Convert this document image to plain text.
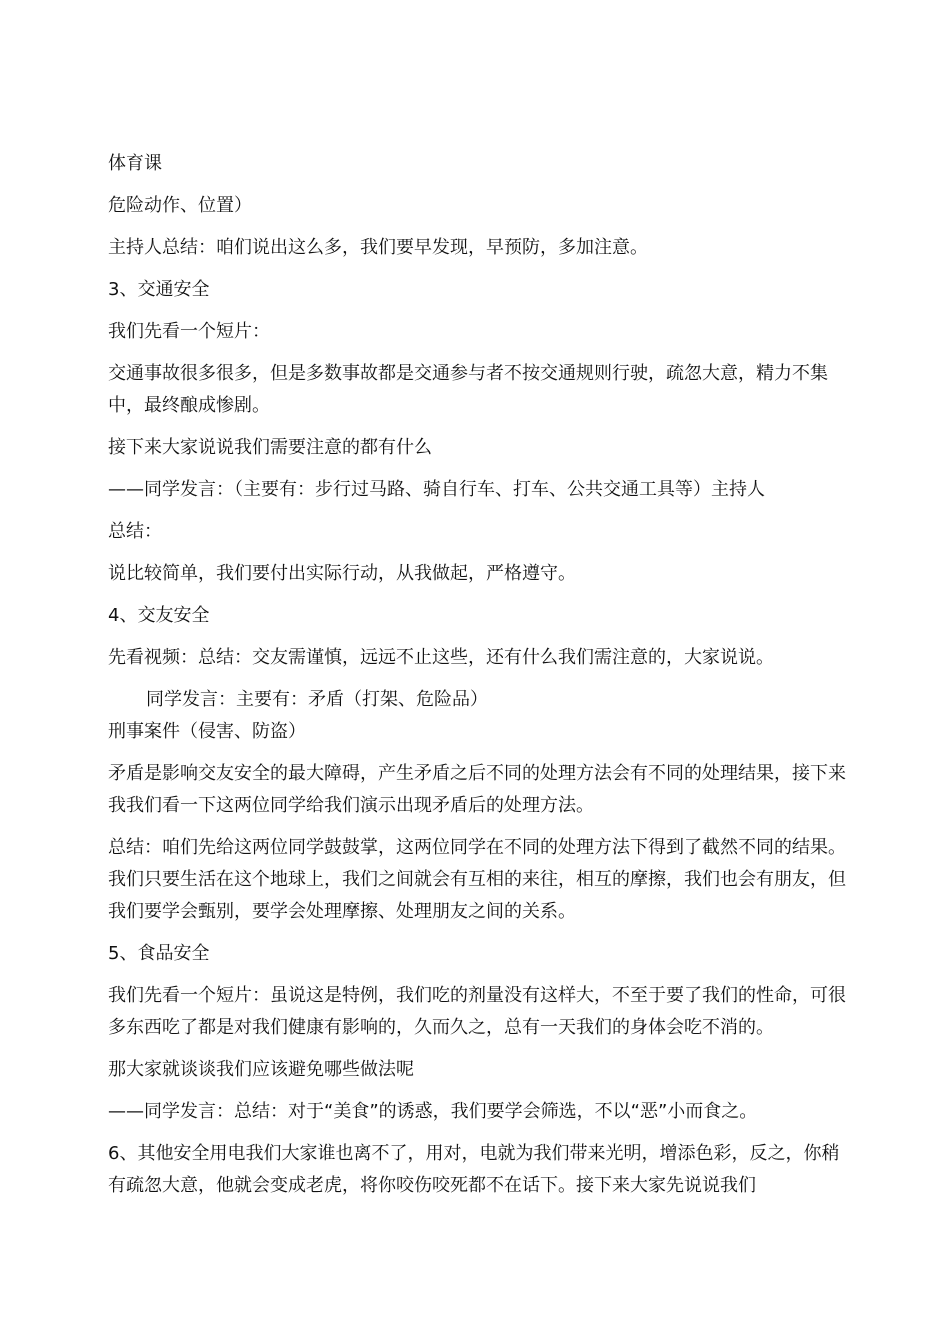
体育课

危险动作、位置）

主持人总结：咱们说出这么多，我们要早发现，早预防，多加注意。

3、交通安全

我们先看一个短片：

交通事故很多很多，但是多数事故都是交通参与者不按交通规则行驶，疏忽大意，精力不集中，最终酿成惨剧。

接下来大家说说我们需要注意的都有什么

——同学发言：（主要有：步行过马路、骑自行车、打车、公共交通工具等）主持人

总结：

说比较简单，我们要付出实际行动，从我做起，严格遵守。

4、交友安全

先看视频：总结：交友需谨慎，远远不止这些，还有什么我们需注意的，大家说说。

同学发言：主要有：矛盾（打架、危险品）

刑事案件（侵害、防盗）

矛盾是影响交友安全的最大障碍，产生矛盾之后不同的处理方法会有不同的处理结果，接下来我我们看一下这两位同学给我们演示出现矛盾后的处理方法。

总结：咱们先给这两位同学鼓鼓掌，这两位同学在不同的处理方法下得到了截然不同的结果。我们只要生活在这个地球上，我们之间就会有互相的来往，相互的摩擦，我们也会有朋友，但我们要学会甄别，要学会处理摩擦、处理朋友之间的关系。

5、食品安全

我们先看一个短片：虽说这是特例，我们吃的剂量没有这样大，不至于要了我们的性命，可很多东西吃了都是对我们健康有影响的，久而久之，总有一天我们的身体会吃不消的。

那大家就谈谈我们应该避免哪些做法呢

——同学发言：总结：对于“美食”的诱惑，我们要学会筛选，不以“恶”小而食之。

6、其他安全用电我们大家谁也离不了，用对，电就为我们带来光明，增添色彩，反之，你稍有疏忽大意，他就会变成老虎，将你咬伤咬死都不在话下。接下来大家先说说我们
